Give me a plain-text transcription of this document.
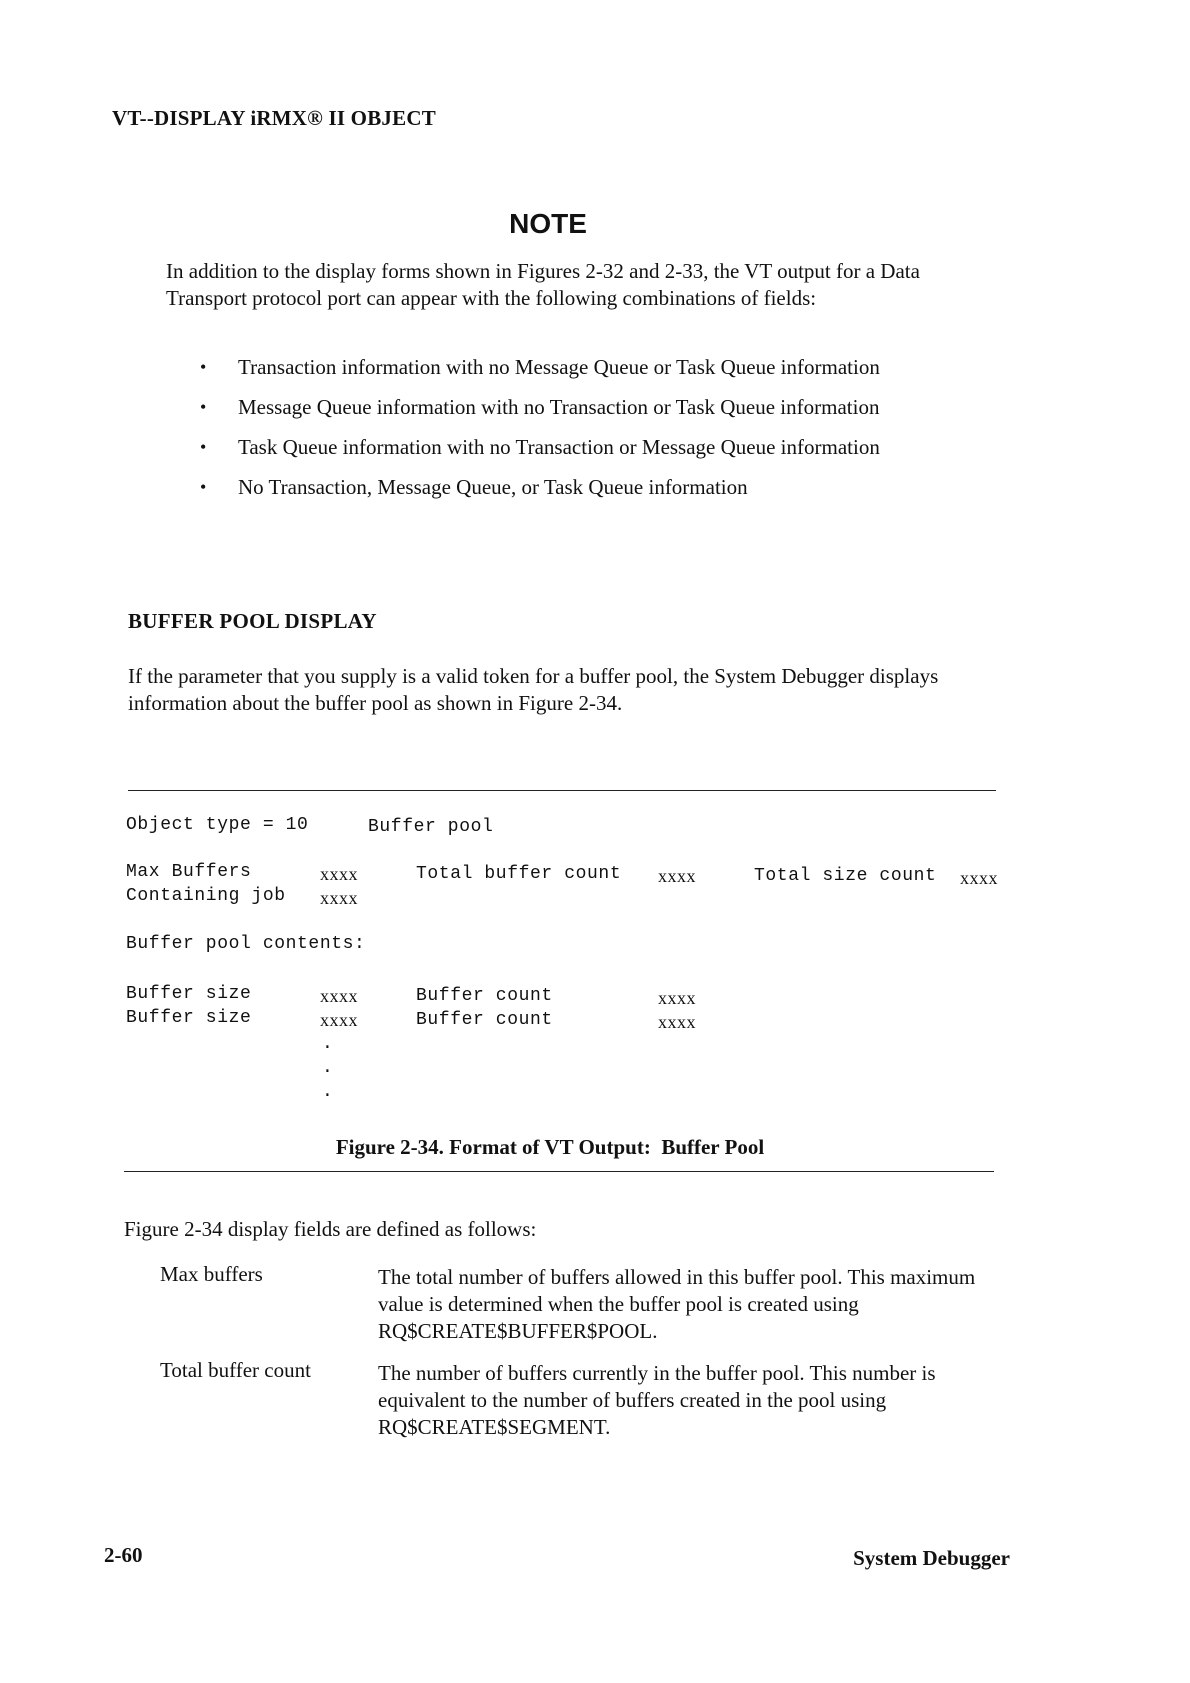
VT--DISPLAY iRMX® II OBJECT
NOTE
In addition to the display forms shown in Figures 2-32 and 2-33, the VT output for a Data Transport protocol port can appear with the following combinations of fields:
• Transaction information with no Message Queue or Task Queue information
• Message Queue information with no Transaction or Task Queue information
• Task Queue information with no Transaction or Message Queue information
• No Transaction, Message Queue, or Task Queue information
BUFFER POOL DISPLAY
If the parameter that you supply is a valid token for a buffer pool, the System Debugger displays information about the buffer pool as shown in Figure 2-34.
Object type = 10	Buffer pool
Max Buffers	xxxx	Total buffer count xxxx	Total size count xxxx
Containing job xxxx
Buffer pool contents:
Buffer size	xxxx	Buffer count	xxxx
Buffer size	xxxx	Buffer count	xxxx
.
.
.
Figure 2-34. Format of VT Output:  Buffer Pool
Figure 2-34 display fields are defined as follows:
Max buffers	The total number of buffers allowed in this buffer pool. This maximum value is determined when the buffer pool is created using RQ$CREATE$BUFFER$POOL.
Total buffer count	The number of buffers currently in the buffer pool. This number is equivalent to the number of buffers created in the pool using RQ$CREATE$SEGMENT.
2-60	System Debugger
